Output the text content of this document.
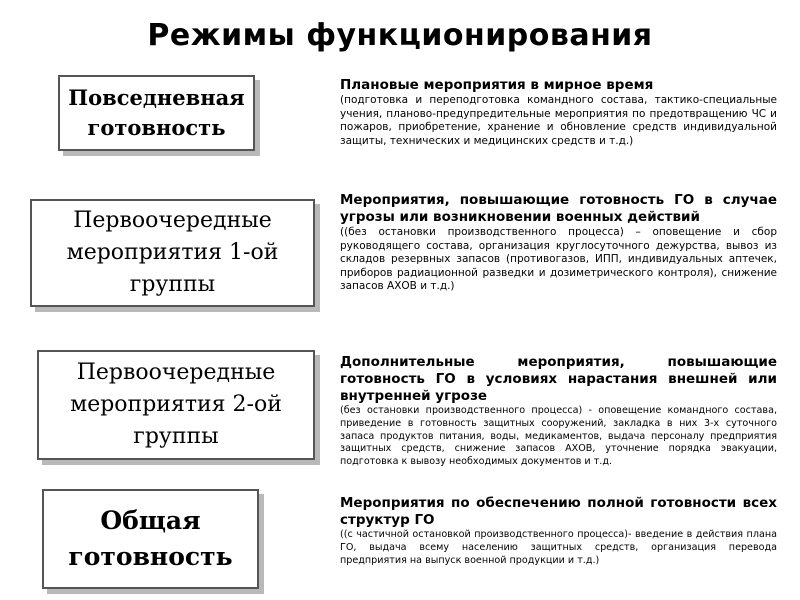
Режимы функционирования
Повседневная
готовность
Первоочередные
мероприятия 1-ой
группы
Первоочередные
мероприятия 2-ой
группы
Общая
готовность
Плановые мероприятия в мирное время
(подготовка и переподготовка командного состава, тактико-специальные учения, планово-предупредительные мероприятия по предотвращению ЧС и пожаров, приобретение, хранение и обновление средств индивидуальной защиты, технических и медицинских средств и т.д.)
Мероприятия, повышающие готовность ГО в случае угрозы или возникновении военных действий
((без остановки производственного процесса) – оповещение и сбор руководящего состава, организация круглосуточного дежурства, вывоз из складов резервных запасов (противогазов, ИПП, индивидуальных аптечек, приборов радиационной разведки и дозиметрического контроля), снижение запасов АХОВ и т.д.)
Дополнительные мероприятия, повышающие готовность ГО в условиях нарастания внешней или внутренней угрозе
(без остановки производственного процесса) - оповещение командного состава, приведение в готовность защитных сооружений, закладка в них 3-х суточного запаса продуктов питания, воды, медикаментов, выдача персоналу предприятия защитных средств, снижение запасов АХОВ, уточнение порядка эвакуации, подготовка к вывозу необходимых документов и т.д.
Мероприятия по обеспечению полной готовности всех структур ГО
((с частичной остановкой производственного процесса)- введение в действия плана ГО, выдача всему населению защитных средств, организация перевода предприятия на выпуск военной продукции и т.д.)
